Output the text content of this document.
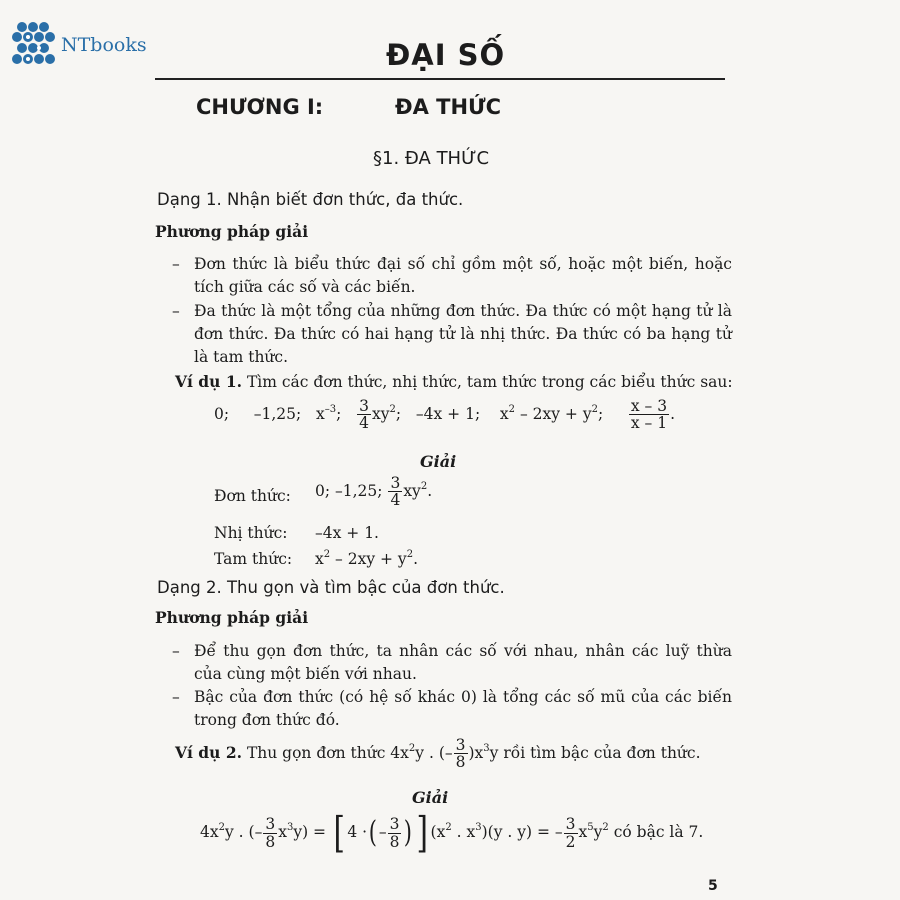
NTbooks	ĐẠI SỐ
CHƯƠNG I:	ĐA THỨC
§1. ĐA THỨC
Dạng 1. Nhận biết đơn thức, đa thức.
Phương pháp giải
– Đơn thức là biểu thức đại số chỉ gồm một số, hoặc một biến, hoặc tích giữa các số và các biến.
– Đa thức là một tổng của những đơn thức. Đa thức có một hạng tử là đơn thức. Đa thức có hai hạng tử là nhị thức. Đa thức có ba hạng tử là tam thức.
Ví dụ 1. Tìm các đơn thức, nhị thức, tam thức trong các biểu thức sau:
0; –1,25; $x^{-3}$; $\frac{3}{4} xy^2$; –4x + 1; $x^2 - 2xy + y^2$; $\frac{x - 3}{x - 1}$ .
Giải
Đơn thức: 0; –1,25; $\frac{3}{4} xy^2$.
Nhị thức: –4x + 1.
Tam thức: $x^2 - 2xy + y^2$.
Dạng 2. Thu gọn và tìm bậc của đơn thức.
Phương pháp giải
– Để thu gọn đơn thức, ta nhân các số với nhau, nhân các luỹ thừa của cùng một biến với nhau.
– Bậc của đơn thức (có hệ số khác 0) là tổng các số mũ của các biến trong đơn thức đó.
Ví dụ 2. Thu gọn đơn thức $4x^2y$ . (– $\frac{3}{8} )x^3y$ rồi tìm bậc của đơn thức.
Giải
$4x^2y$ . (– $\frac{3}{8} x^3y$) = [ 4 ·( – $\frac{3}{8}$ ) ] ($x^2$ . $x^3)(y$ . y) = – $\frac{3}{2} x^5y^2$ có bậc là 7.
5
